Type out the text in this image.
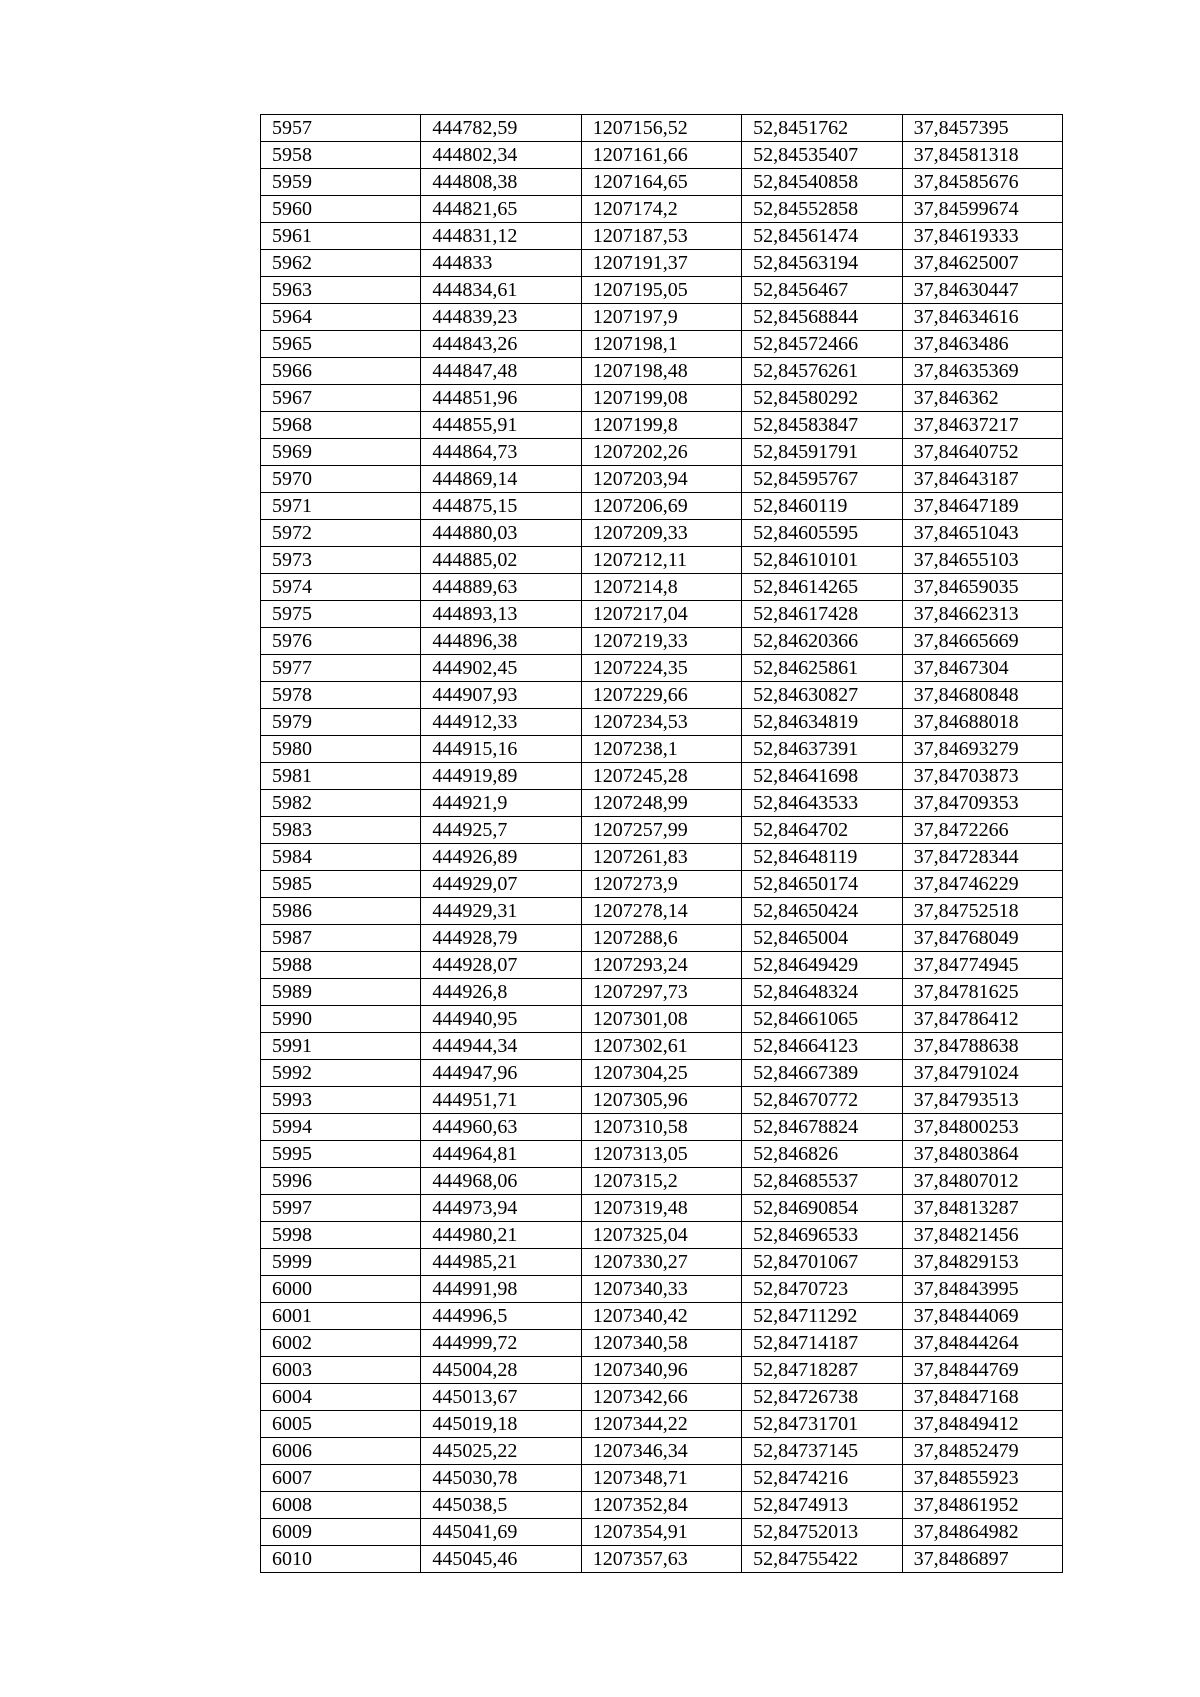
5957	444782,59	1207156,52	52,8451762	37,8457395
5958	444802,34	1207161,66	52,84535407	37,84581318
5959	444808,38	1207164,65	52,84540858	37,84585676
5960	444821,65	1207174,2	52,84552858	37,84599674
5961	444831,12	1207187,53	52,84561474	37,84619333
5962	444833	1207191,37	52,84563194	37,84625007
5963	444834,61	1207195,05	52,8456467	37,84630447
5964	444839,23	1207197,9	52,84568844	37,84634616
5965	444843,26	1207198,1	52,84572466	37,8463486
5966	444847,48	1207198,48	52,84576261	37,84635369
5967	444851,96	1207199,08	52,84580292	37,846362
5968	444855,91	1207199,8	52,84583847	37,84637217
5969	444864,73	1207202,26	52,84591791	37,84640752
5970	444869,14	1207203,94	52,84595767	37,84643187
5971	444875,15	1207206,69	52,8460119	37,84647189
5972	444880,03	1207209,33	52,84605595	37,84651043
5973	444885,02	1207212,11	52,84610101	37,84655103
5974	444889,63	1207214,8	52,84614265	37,84659035
5975	444893,13	1207217,04	52,84617428	37,84662313
5976	444896,38	1207219,33	52,84620366	37,84665669
5977	444902,45	1207224,35	52,84625861	37,8467304
5978	444907,93	1207229,66	52,84630827	37,84680848
5979	444912,33	1207234,53	52,84634819	37,84688018
5980	444915,16	1207238,1	52,84637391	37,84693279
5981	444919,89	1207245,28	52,84641698	37,84703873
5982	444921,9	1207248,99	52,84643533	37,84709353
5983	444925,7	1207257,99	52,8464702	37,8472266
5984	444926,89	1207261,83	52,84648119	37,84728344
5985	444929,07	1207273,9	52,84650174	37,84746229
5986	444929,31	1207278,14	52,84650424	37,84752518
5987	444928,79	1207288,6	52,8465004	37,84768049
5988	444928,07	1207293,24	52,84649429	37,84774945
5989	444926,8	1207297,73	52,84648324	37,84781625
5990	444940,95	1207301,08	52,84661065	37,84786412
5991	444944,34	1207302,61	52,84664123	37,84788638
5992	444947,96	1207304,25	52,84667389	37,84791024
5993	444951,71	1207305,96	52,84670772	37,84793513
5994	444960,63	1207310,58	52,84678824	37,84800253
5995	444964,81	1207313,05	52,846826	37,84803864
5996	444968,06	1207315,2	52,84685537	37,84807012
5997	444973,94	1207319,48	52,84690854	37,84813287
5998	444980,21	1207325,04	52,84696533	37,84821456
5999	444985,21	1207330,27	52,84701067	37,84829153
6000	444991,98	1207340,33	52,8470723	37,84843995
6001	444996,5	1207340,42	52,84711292	37,84844069
6002	444999,72	1207340,58	52,84714187	37,84844264
6003	445004,28	1207340,96	52,84718287	37,84844769
6004	445013,67	1207342,66	52,84726738	37,84847168
6005	445019,18	1207344,22	52,84731701	37,84849412
6006	445025,22	1207346,34	52,84737145	37,84852479
6007	445030,78	1207348,71	52,8474216	37,84855923
6008	445038,5	1207352,84	52,8474913	37,84861952
6009	445041,69	1207354,91	52,84752013	37,84864982
6010	445045,46	1207357,63	52,84755422	37,8486897
